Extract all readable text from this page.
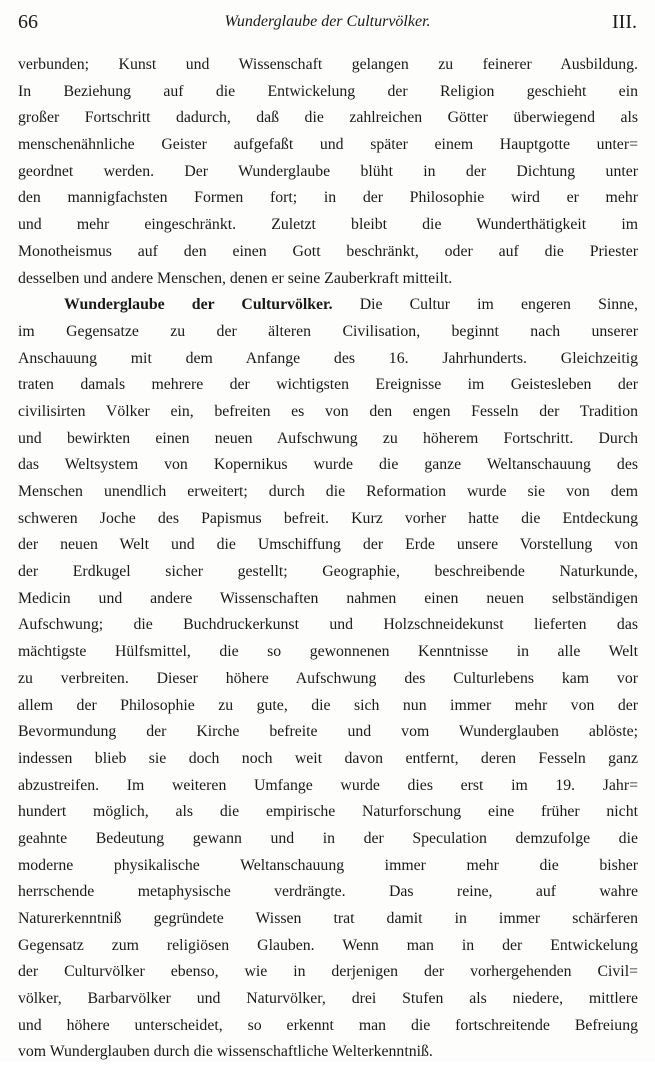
66	Wunderglaube der Culturvölker.	III.
verbunden; Kunst und Wissenschaft gelangen zu feinerer Ausbildung.
In Beziehung auf die Entwickelung der Religion geschieht ein
großer Fortschritt dadurch, daß die zahlreichen Götter überwiegend als
menschenähnliche Geister aufgefaßt und später einem Hauptgotte unter=
geordnet werden. Der Wunderglaube blüht in der Dichtung unter
den mannigfachsten Formen fort; in der Philosophie wird er mehr
und mehr eingeschränkt. Zuletzt bleibt die Wunderthätigkeit im
Monotheismus auf den einen Gott beschränkt, oder auf die Priester
desselben und andere Menschen, denen er seine Zauberkraft mitteilt.
Wunderglaube der Culturvölker. Die Cultur im engeren Sinne,
im Gegensatze zu der älteren Civilisation, beginnt nach unserer
Anschauung mit dem Anfange des 16. Jahrhunderts. Gleichzeitig
traten damals mehrere der wichtigsten Ereignisse im Geistesleben der
civilisirten Völker ein, befreiten es von den engen Fesseln der Tradition
und bewirkten einen neuen Aufschwung zu höherem Fortschritt. Durch
das Weltsystem von Kopernikus wurde die ganze Weltanschauung des
Menschen unendlich erweitert; durch die Reformation wurde sie von dem
schweren Joche des Papismus befreit. Kurz vorher hatte die Entdeckung
der neuen Welt und die Umschiffung der Erde unsere Vorstellung von
der Erdkugel sicher gestellt; Geographie, beschreibende Naturkunde,
Medicin und andere Wissenschaften nahmen einen neuen selbständigen
Aufschwung; die Buchdruckerkunst und Holzschneidekunst lieferten das
mächtigste Hülfsmittel, die so gewonnenen Kenntnisse in alle Welt
zu verbreiten. Dieser höhere Aufschwung des Culturlebens kam vor
allem der Philosophie zu gute, die sich nun immer mehr von der
Bevormundung der Kirche befreite und vom Wunderglauben ablöste;
indessen blieb sie doch noch weit davon entfernt, deren Fesseln ganz
abzustreifen. Im weiteren Umfange wurde dies erst im 19. Jahr=
hundert möglich, als die empirische Naturforschung eine früher nicht
geahnte Bedeutung gewann und in der Speculation demzufolge die
moderne physikalische Weltanschauung immer mehr die bisher
herrschende metaphysische verdrängte. Das reine, auf wahre
Naturerkenntniß gegründete Wissen trat damit in immer schärferen
Gegensatz zum religiösen Glauben. Wenn man in der Entwickelung
der Culturvölker ebenso, wie in derjenigen der vorhergehenden Civil=
völker, Barbarvölker und Naturvölker, drei Stufen als niedere, mittlere
und höhere unterscheidet, so erkennt man die fortschreitende Befreiung
vom Wunderglauben durch die wissenschaftliche Welterkenntniß.
